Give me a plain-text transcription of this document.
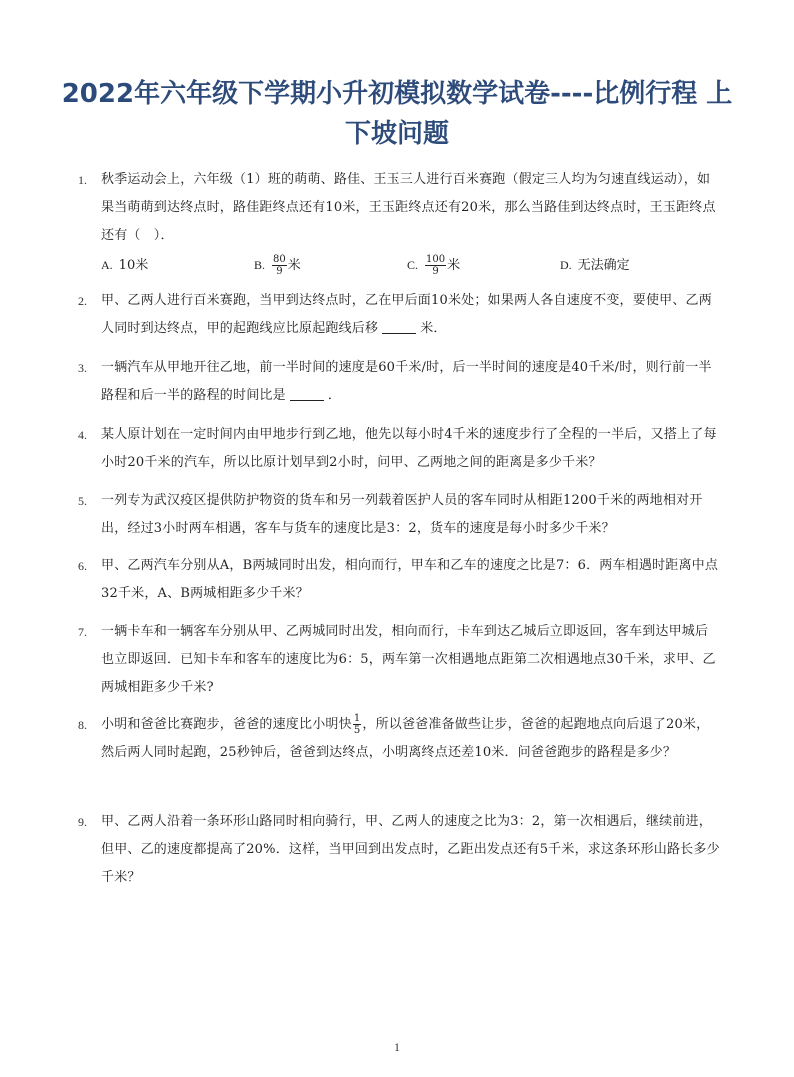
2022年六年级下学期小升初模拟数学试卷----比例行程 上下坡问题
1. 秋季运动会上，六年级（1）班的萌萌、路佳、王玉三人进行百米赛跑（假定三人均为匀速直线运动），如果当萌萌到达终点时，路佳距终点还有10米，王玉距终点还有20米，那么当路佳到达终点时，王玉距终点还有（　）．
A. 10米	B. $\frac{80}{9}$ 米	C. $\frac{100}{9}$ 米	D. 无法确定
2. 甲、乙两人进行百米赛跑，当甲到达终点时，乙在甲后面10米处；如果两人各自速度不变，要使甲、乙两人同时到达终点，甲的起跑线应比原起跑线后移	米．
3. 一辆汽车从甲地开往乙地，前一半时间的速度是60千米/时，后一半时间的速度是40千米/时，则行前一半路程和后一半的路程的时间比是	．
4. 某人原计划在一定时间内由甲地步行到乙地，他先以每小时4千米的速度步行了全程的一半后，又搭上了每小时20千米的汽车，所以比原计划早到2小时，问甲、乙两地之间的距离是多少千米？
5. 一列专为武汉疫区提供防护物资的货车和另一列载着医护人员的客车同时从相距1200千米的两地相对开出，经过3小时两车相遇，客车与货车的速度比是3：2，货车的速度是每小时多少千米？
6. 甲、乙两汽车分别从A，B两城同时出发，相向而行，甲车和乙车的速度之比是7：6．两车相遇时距离中点32千米，A、B两城相距多少千米？
7. 一辆卡车和一辆客车分别从甲、乙两城同时出发，相向而行，卡车到达乙城后立即返回，客车到达甲城后也立即返回．已知卡车和客车的速度比为6：5，两车第一次相遇地点距第二次相遇地点30千米，求甲、乙两城相距多少千米?
8. 小明和爸爸比赛跑步，爸爸的速度比小明快 $\frac{1}{5}$ ，所以爸爸准备做些让步，爸爸的起跑地点向后退了20米，然后两人同时起跑，25秒钟后，爸爸到达终点，小明离终点还差10米．问爸爸跑步的路程是多少？
9. 甲、乙两人沿着一条环形山路同时相向骑行，甲、乙两人的速度之比为3：2，第一次相遇后，继续前进，但甲、乙的速度都提高了20%．这样，当甲回到出发点时，乙距出发点还有5千米，求这条环形山路长多少千米？
1
